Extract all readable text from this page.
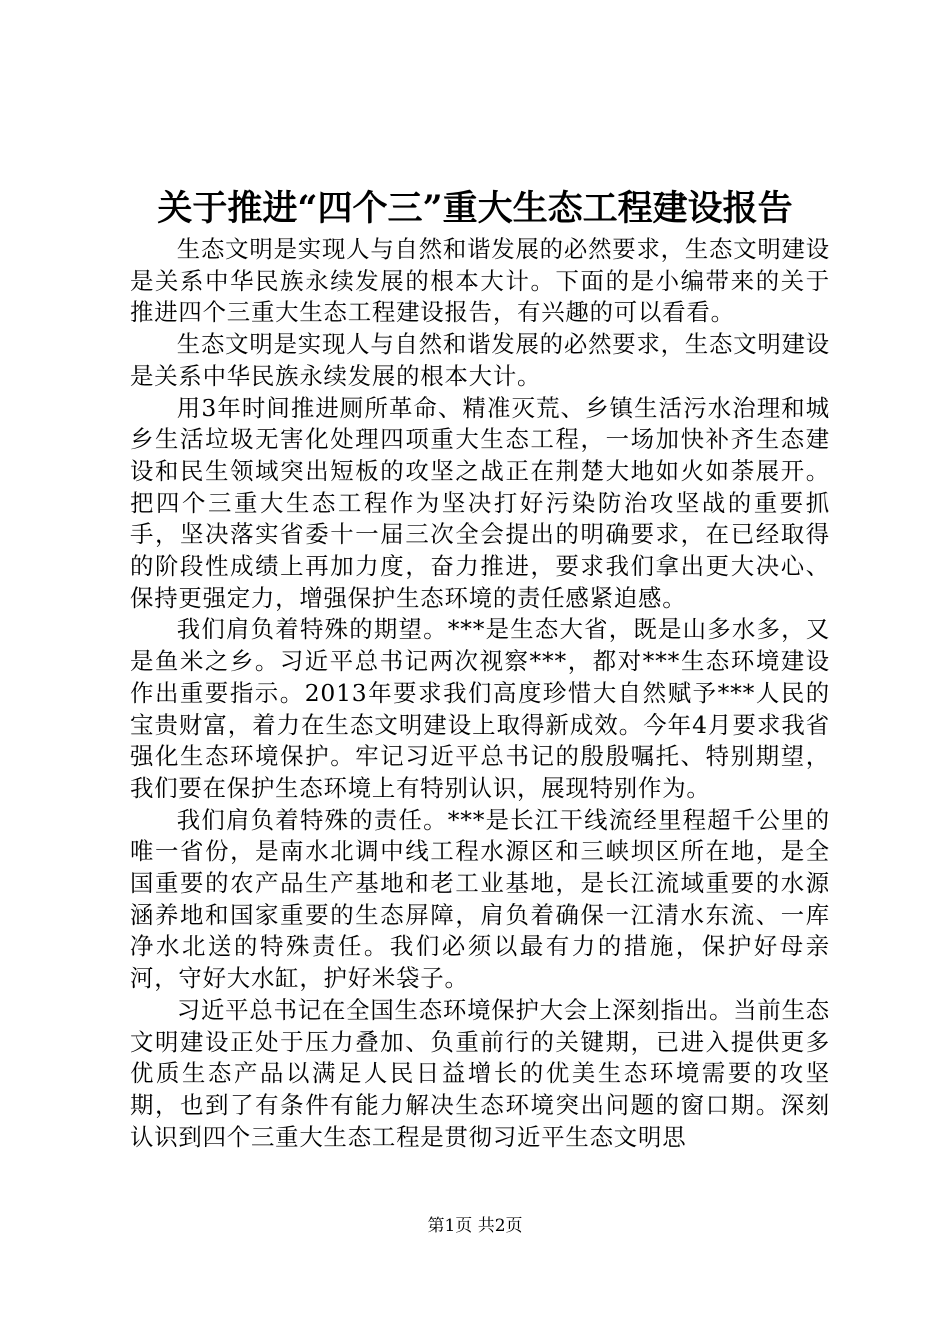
关于推进“四个三”重大生态工程建设报告

生态文明是实现人与自然和谐发展的必然要求，生态文明建设是关系中华民族永续发展的根本大计。下面的是小编带来的关于推进四个三重大生态工程建设报告，有兴趣的可以看看。

生态文明是实现人与自然和谐发展的必然要求，生态文明建设是关系中华民族永续发展的根本大计。

用3年时间推进厕所革命、精准灭荒、乡镇生活污水治理和城乡生活垃圾无害化处理四项重大生态工程，一场加快补齐生态建设和民生领域突出短板的攻坚之战正在荆楚大地如火如荼展开。把四个三重大生态工程作为坚决打好污染防治攻坚战的重要抓手，坚决落实省委十一届三次全会提出的明确要求，在已经取得的阶段性成绩上再加力度，奋力推进，要求我们拿出更大决心、保持更强定力，增强保护生态环境的责任感紧迫感。

我们肩负着特殊的期望。***是生态大省，既是山多水多，又是鱼米之乡。习近平总书记两次视察***，都对***生态环境建设作出重要指示。2013年要求我们高度珍惜大自然赋予***人民的宝贵财富，着力在生态文明建设上取得新成效。今年4月要求我省强化生态环境保护。牢记习近平总书记的殷殷嘱托、特别期望，我们要在保护生态环境上有特别认识，展现特别作为。

我们肩负着特殊的责任。***是长江干线流经里程超千公里的唯一省份，是南水北调中线工程水源区和三峡坝区所在地，是全国重要的农产品生产基地和老工业基地，是长江流域重要的水源涵养地和国家重要的生态屏障，肩负着确保一江清水东流、一库净水北送的特殊责任。我们必须以最有力的措施，保护好母亲河，守好大水缸，护好米袋子。

习近平总书记在全国生态环境保护大会上深刻指出。当前生态文明建设正处于压力叠加、负重前行的关键期，已进入提供更多优质生态产品以满足人民日益增长的优美生态环境需要的攻坚期，也到了有条件有能力解决生态环境突出问题的窗口期。深刻认识到四个三重大生态工程是贯彻习近平生态文明思

第1页 共2页
